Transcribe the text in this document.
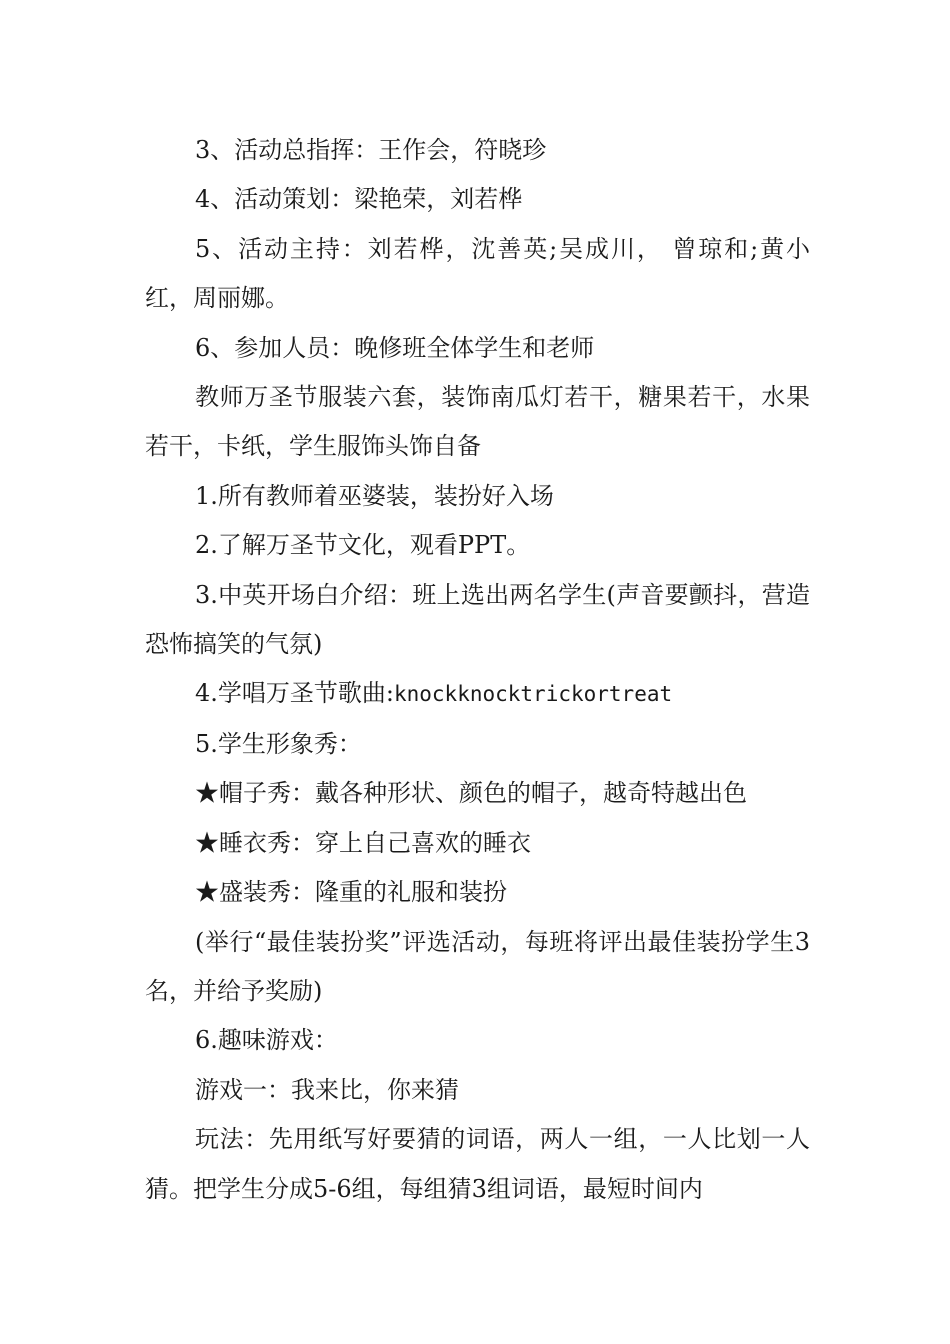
3、活动总指挥：王作会，符晓珍

4、活动策划：梁艳荣，刘若桦

5、活动主持：刘若桦，沈善英;吴成川， 曾琼和;黄小红，周丽娜。

6、参加人员：晚修班全体学生和老师

教师万圣节服装六套，装饰南瓜灯若干，糖果若干，水果若干，卡纸，学生服饰头饰自备

1.所有教师着巫婆装，装扮好入场

2.了解万圣节文化，观看PPT。

3.中英开场白介绍：班上选出两名学生(声音要颤抖，营造恐怖搞笑的气氛)

4.学唱万圣节歌曲:knockknocktrickortreat

5.学生形象秀：

★帽子秀：戴各种形状、颜色的帽子，越奇特越出色

★睡衣秀：穿上自己喜欢的睡衣

★盛装秀：隆重的礼服和装扮

(举行“最佳装扮奖”评选活动，每班将评出最佳装扮学生3名，并给予奖励)

6.趣味游戏：

游戏一：我来比，你来猜

玩法：先用纸写好要猜的词语，两人一组，一人比划一人猜。把学生分成5-6组，每组猜3组词语，最短时间内
